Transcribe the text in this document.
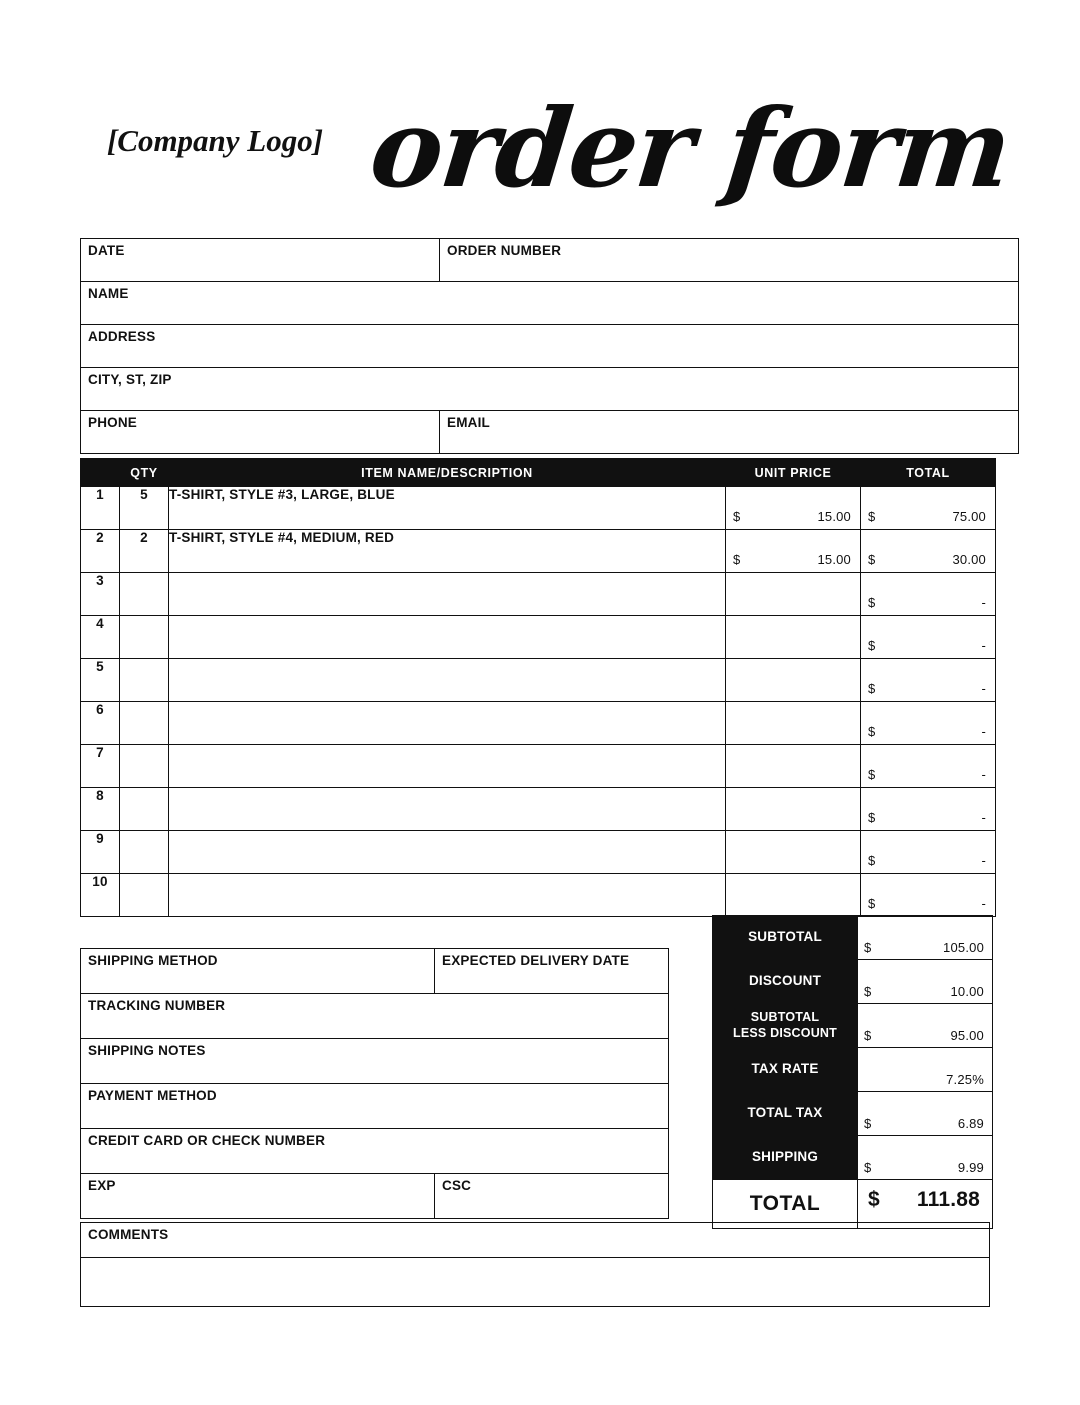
[Company Logo] order form
DATE	ORDER NUMBER
NAME	
ADDRESS	
CITY, ST, ZIP	
PHONE	EMAIL
	QTY	ITEM NAME/DESCRIPTION	UNIT PRICE	TOTAL
1	5	T-SHIRT, STYLE #3, LARGE, BLUE	$ 15.00	$ 75.00

2	2	T-SHIRT, STYLE #4, MEDIUM, RED	$ 15.00	$ 30.00

3				$ -

4				$ -

5				$ -

6				$ -

7				$ -

8				$ -

9				$ -

10				$ -
SHIPPING METHOD	EXPECTED DELIVERY DATE
TRACKING NUMBER	
SHIPPING NOTES	
PAYMENT METHOD	
CREDIT CARD OR CHECK NUMBER	
EXP	CSC
SUBTOTAL	$ 105.00

DISCOUNT	$ 10.00

SUBTOTAL
LESS DISCOUNT	$	95.00

TAX RATE	7.25%

TOTAL TAX	$ 6.89

SHIPPING	$ 9.99

TOTAL	$ 111.88
COMMENTS
